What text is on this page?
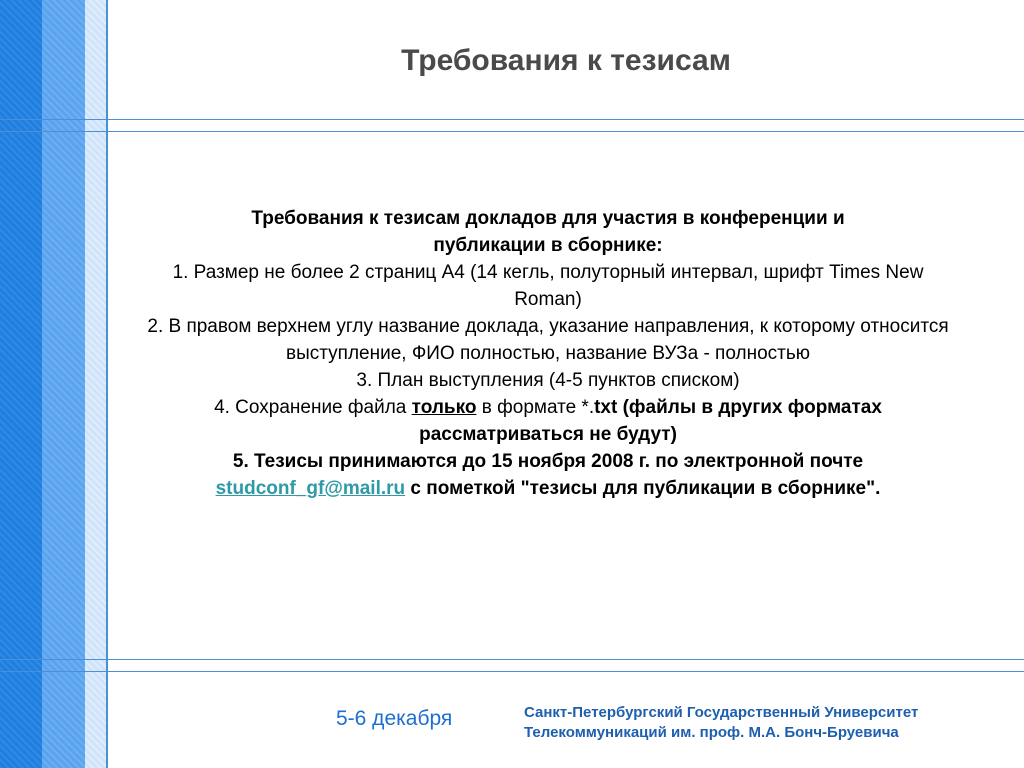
Требования к тезисам

Требования к тезисам докладов для участия в конференции и

публикации в сборнике:

1. Размер не более 2 страниц А4 (14 кегль, полуторный интервал, шрифт Times New Roman)

2. В правом верхнем углу название доклада, указание направления, к которому относится выступление, ФИО полностью, название ВУЗа - полностью

3. План выступления (4-5 пунктов списком)

4. Сохранение файла только в формате *.txt (файлы в других форматах рассматриваться не будут)

5. Тезисы принимаются до 15 ноября 2008 г. по электронной почте

studconf_gf@mail.ru с пометкой "тезисы для публикации в сборнике".

5-6 декабря	Санкт-Петербургский Государственный Университет
Телекоммуникаций им. проф. М.А. Бонч-Бруевича
